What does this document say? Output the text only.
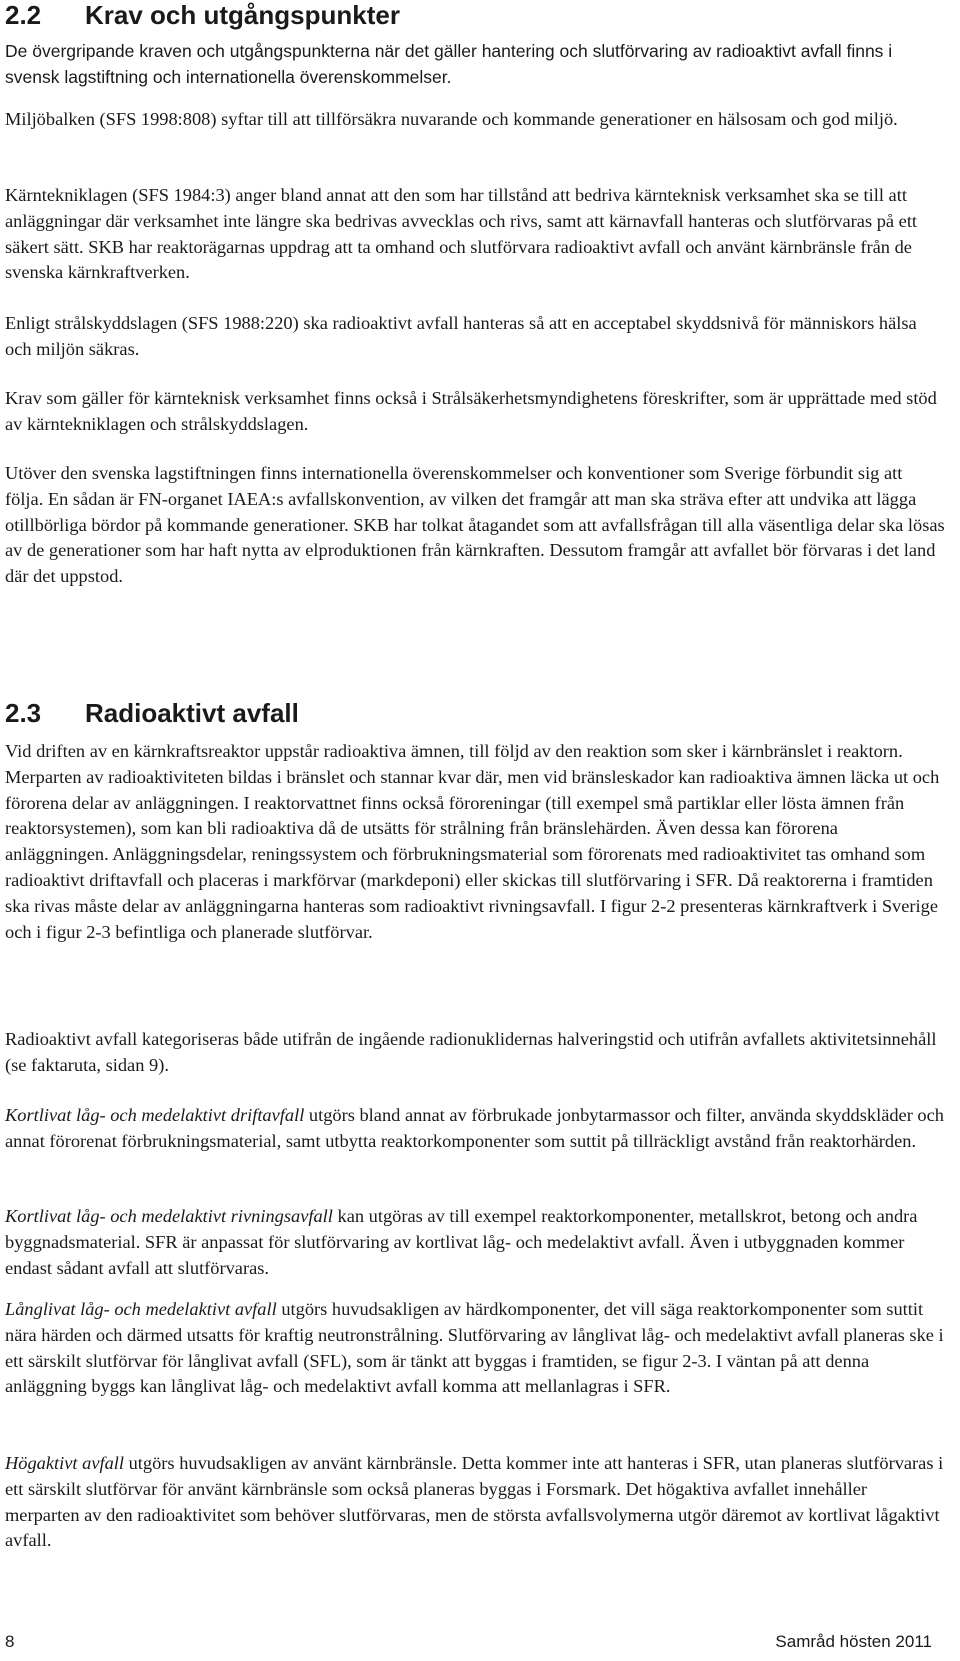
2.2 Krav och utgångspunkter

De övergripande kraven och utgångspunkterna när det gäller hantering och slutförvaring av radioaktivt avfall finns i svensk lagstiftning och internationella överenskommelser.

Miljöbalken (SFS 1998:808) syftar till att tillförsäkra nuvarande och kommande generationer en hälsosam och god miljö.

Kärntekniklagen (SFS 1984:3) anger bland annat att den som har tillstånd att bedriva kärnteknisk verksamhet ska se till att anläggningar där verksamhet inte längre ska bedrivas avvecklas och rivs, samt att kärnavfall hanteras och slutförvaras på ett säkert sätt. SKB har reaktorägarnas uppdrag att ta omhand och slutförvara radioaktivt avfall och använt kärnbränsle från de svenska kärnkraftverken.

Enligt strålskyddslagen (SFS 1988:220) ska radioaktivt avfall hanteras så att en acceptabel skyddsnivå för människors hälsa och miljön säkras.

Krav som gäller för kärnteknisk verksamhet finns också i Strålsäkerhetsmyndighetens föreskrifter, som är upprättade med stöd av kärntekniklagen och strålskyddslagen.

Utöver den svenska lagstiftningen finns internationella överenskommelser och konventioner som Sverige förbundit sig att följa. En sådan är FN-organet IAEA:s avfallskonvention, av vilken det framgår att man ska sträva efter att undvika att lägga otillbörliga bördor på kommande generationer. SKB har tolkat åtagandet som att avfallsfrågan till alla väsentliga delar ska lösas av de generationer som har haft nytta av elproduktionen från kärnkraften. Dessutom framgår att avfallet bör förvaras i det land där det uppstod.

2.3 Radioaktivt avfall

Vid driften av en kärnkraftsreaktor uppstår radioaktiva ämnen, till följd av den reaktion som sker i kärnbränslet i reaktorn. Merparten av radioaktiviteten bildas i bränslet och stannar kvar där, men vid bränsleskador kan radioaktiva ämnen läcka ut och förorena delar av anläggningen. I reaktorvattnet finns också föroreningar (till exempel små partiklar eller lösta ämnen från reaktorsystemen), som kan bli radioaktiva då de utsätts för strålning från bränslehärden. Även dessa kan förorena anläggningen. Anläggningsdelar, reningssystem och förbrukningsmaterial som förorenats med radioaktivitet tas omhand som radioaktivt driftavfall och placeras i markförvar (markdeponi) eller skickas till slutförvaring i SFR. Då reaktorerna i framtiden ska rivas måste delar av anläggningarna hanteras som radioaktivt rivningsavfall. I figur 2-2 presenteras kärnkraftverk i Sverige och i figur 2-3 befintliga och planerade slutförvar.

Radioaktivt avfall kategoriseras både utifrån de ingående radionuklidernas halveringstid och utifrån avfallets aktivitetsinnehåll (se faktaruta, sidan 9).

Kortlivat låg- och medelaktivt driftavfall utgörs bland annat av förbrukade jonbytarmassor och filter, använda skyddskläder och annat förorenat förbrukningsmaterial, samt utbytta reaktorkomponenter som suttit på tillräckligt avstånd från reaktorhärden.

Kortlivat låg- och medelaktivt rivningsavfall kan utgöras av till exempel reaktorkomponenter, metallskrot, betong och andra byggnadsmaterial. SFR är anpassat för slutförvaring av kortlivat låg- och medelaktivt avfall. Även i utbyggnaden kommer endast sådant avfall att slutförvaras.

Långlivat låg- och medelaktivt avfall utgörs huvudsakligen av härdkomponenter, det vill säga reaktorkomponenter som suttit nära härden och därmed utsatts för kraftig neutronstrålning. Slutförvaring av långlivat låg- och medelaktivt avfall planeras ske i ett särskilt slutförvar för långlivat avfall (SFL), som är tänkt att byggas i framtiden, se figur 2-3. I väntan på att denna anläggning byggs kan långlivat låg- och medelaktivt avfall komma att mellanlagras i SFR.

Högaktivt avfall utgörs huvudsakligen av använt kärnbränsle. Detta kommer inte att hanteras i SFR, utan planeras slutförvaras i ett särskilt slutförvar för använt kärnbränsle som också planeras byggas i Forsmark. Det högaktiva avfallet innehåller merparten av den radioaktivitet som behöver slutförvaras, men de största avfallsvolymerna utgör däremot av kortlivat lågaktivt avfall.

8	Samråd hösten 2011
